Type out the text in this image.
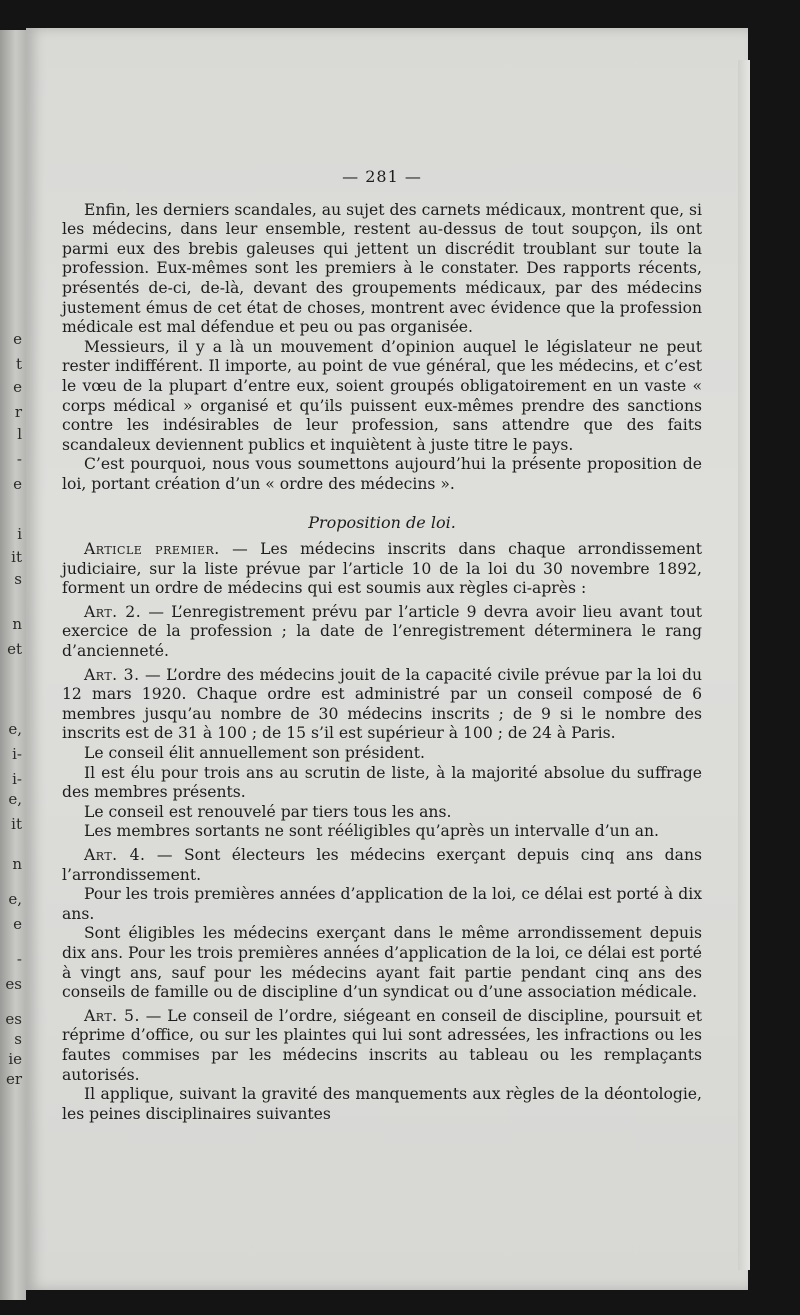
e
t
e
r
l
-
e
i
it
s
n
et
e,
i-
i-
e,
it
n
e,
e
-
es
es
s
ie
er
— 281 —

Enfin, les derniers scandales, au sujet des carnets médicaux, montrent que, si les médecins, dans leur ensemble, restent au-dessus de tout soupçon, ils ont parmi eux des brebis galeuses qui jettent un discrédit troublant sur toute la profession. Eux-mêmes sont les premiers à le constater. Des rapports récents, présentés de-ci, de-là, devant des groupements médicaux, par des médecins justement émus de cet état de choses, montrent avec évidence que la profession médicale est mal défendue et peu ou pas organisée.

Messieurs, il y a là un mouvement d’opinion auquel le législateur ne peut rester indifférent. Il importe, au point de vue général, que les médecins, et c’est le vœu de la plupart d’entre eux, soient groupés obligatoirement en un vaste « corps médical » organisé et qu’ils puissent eux-mêmes prendre des sanctions contre les indésirables de leur profession, sans attendre que des faits scandaleux deviennent publics et inquiètent à juste titre le pays.

C’est pourquoi, nous vous soumettons aujourd’hui la présente proposition de loi, portant création d’un « ordre des médecins ».

Proposition de loi.

Article premier. — Les médecins inscrits dans chaque arrondissement judiciaire, sur la liste prévue par l’article 10 de la loi du 30 novembre 1892, forment un ordre de médecins qui est soumis aux règles ci-après :

Art. 2. — L’enregistrement prévu par l’article 9 devra avoir lieu avant tout exercice de la profession ; la date de l’enregistrement déterminera le rang d’ancienneté.

Art. 3. — L’ordre des médecins jouit de la capacité civile prévue par la loi du 12 mars 1920. Chaque ordre est administré par un conseil composé de 6 membres jusqu’au nombre de 30 médecins inscrits ; de 9 si le nombre des inscrits est de 31 à 100 ; de 15 s’il est supérieur à 100 ; de 24 à Paris.

Le conseil élit annuellement son président.

Il est élu pour trois ans au scrutin de liste, à la majorité absolue du suffrage des membres présents.

Le conseil est renouvelé par tiers tous les ans.

Les membres sortants ne sont rééligibles qu’après un intervalle d’un an.

Art. 4. — Sont électeurs les médecins exerçant depuis cinq ans dans l’arrondissement.

Pour les trois premières années d’application de la loi, ce délai est porté à dix ans.

Sont éligibles les médecins exerçant dans le même arrondissement depuis dix ans. Pour les trois premières années d’application de la loi, ce délai est porté à vingt ans, sauf pour les médecins ayant fait partie pendant cinq ans des conseils de famille ou de discipline d’un syndicat ou d’une association médicale.

Art. 5. — Le conseil de l’ordre, siégeant en conseil de discipline, poursuit et réprime d’office, ou sur les plaintes qui lui sont adressées, les infractions ou les fautes commises par les médecins inscrits au tableau ou les remplaçants autorisés.

Il applique, suivant la gravité des manquements aux règles de la déontologie, les peines disciplinaires suivantes
